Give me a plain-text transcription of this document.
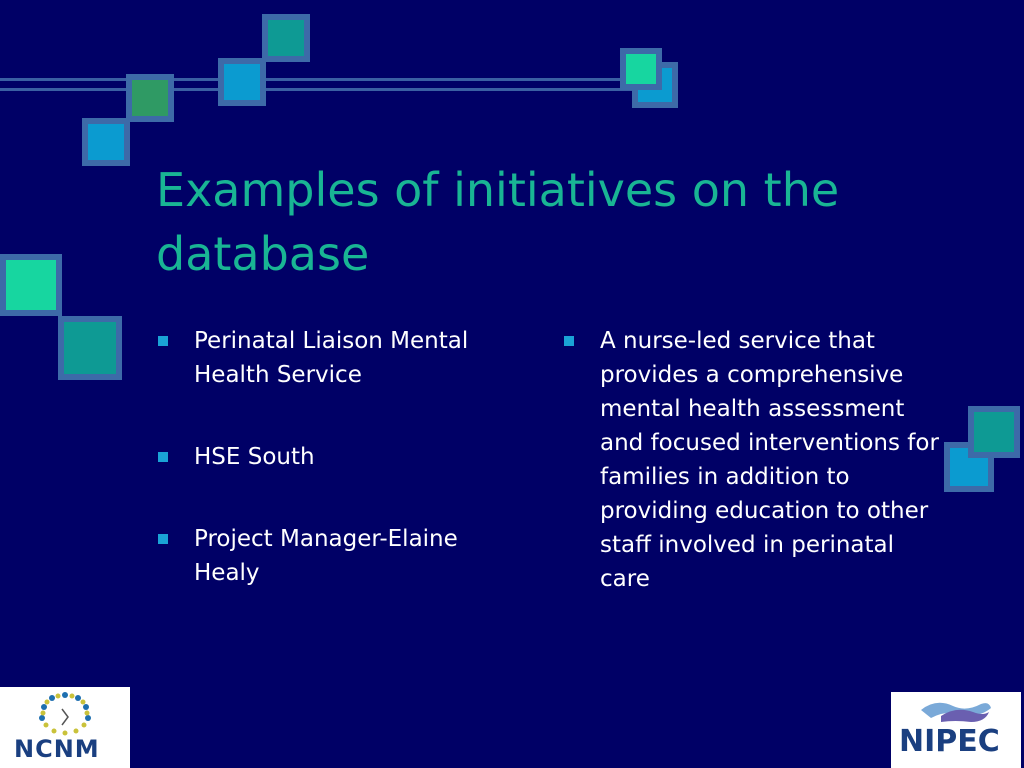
Examples of initiatives on the database
Perinatal Liaison Mental Health Service
HSE South
Project Manager-Elaine Healy
A nurse-led service that provides a comprehensive mental health assessment and focused interventions for families in addition to providing education to other staff involved in perinatal care
NCNM	NIPEC
